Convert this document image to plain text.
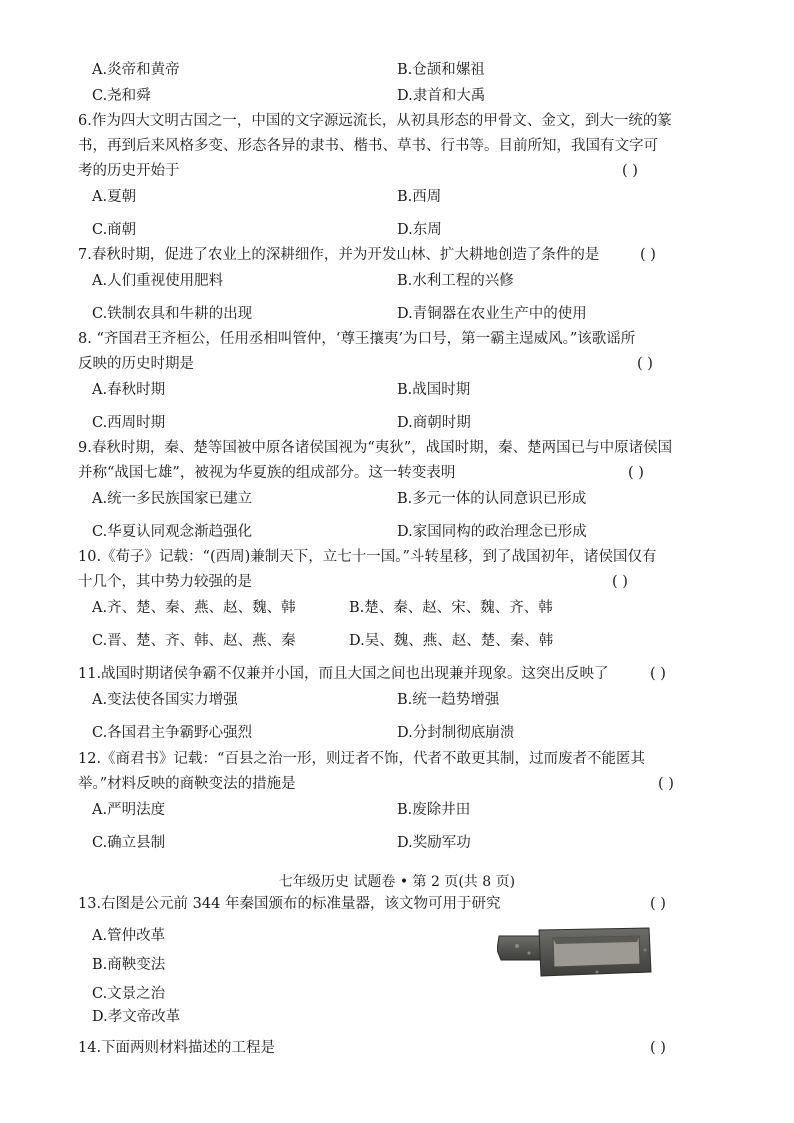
A.炎帝和黄帝	B.仓颉和嫘祖
C.尧和舜	D.隶首和大禹
6.作为四大文明古国之一，中国的文字源远流长，从初具形态的甲骨文、金文，到大一统的篆
书，再到后来风格多变、形态各异的隶书、楷书、草书、行书等。目前所知，我国有文字可
考的历史开始于	( )
A.夏朝	B.西周
C.商朝	D.东周
7.春秋时期，促进了农业上的深耕细作，并为开发山林、扩大耕地创造了条件的是	( )
A.人们重视使用肥料	B.水利工程的兴修
C.铁制农具和牛耕的出现	D.青铜器在农业生产中的使用
8. “齐国君王齐桓公，任用丞相叫管仲，‘尊王攘夷’为口号，第一霸主逞威风。”该歌谣所
反映的历史时期是	( )
A.春秋时期	B.战国时期
C.西周时期	D.商朝时期
9.春秋时期，秦、楚等国被中原各诸侯国视为“夷狄”，战国时期，秦、楚两国已与中原诸侯国
并称“战国七雄”，被视为华夏族的组成部分。这一转变表明	( )
A.统一多民族国家已建立	B.多元一体的认同意识已形成
C.华夏认同观念渐趋强化	D.家国同构的政治理念已形成
10.《荀子》记载：“(西周)兼制天下，立七十一国。”斗转星移，到了战国初年，诸侯国仅有
十几个，其中势力较强的是	( )
A.齐、楚、秦、燕、赵、魏、韩	B.楚、秦、赵、宋、魏、齐、韩
C.晋、楚、齐、韩、赵、燕、秦	D.吴、魏、燕、赵、楚、秦、韩
11.战国时期诸侯争霸不仅兼并小国，而且大国之间也出现兼并现象。这突出反映了	( )
A.变法使各国实力增强	B.统一趋势增强
C.各国君主争霸野心强烈	D.分封制彻底崩溃
12.《商君书》记载：“百县之治一形，则迂者不饰，代者不敢更其制，过而废者不能匿其
举。”材料反映的商鞅变法的措施是	( )
A.严明法度	B.废除井田
C.确立县制	D.奖励军功
七年级历史 试题卷 • 第 2 页(共 8 页)
13.右图是公元前 344 年秦国颁布的标准量器，该文物可用于研究	( )
A.管仲改革
B.商鞅变法
C.文景之治
D.孝文帝改革
14.下面两则材料描述的工程是	( )
